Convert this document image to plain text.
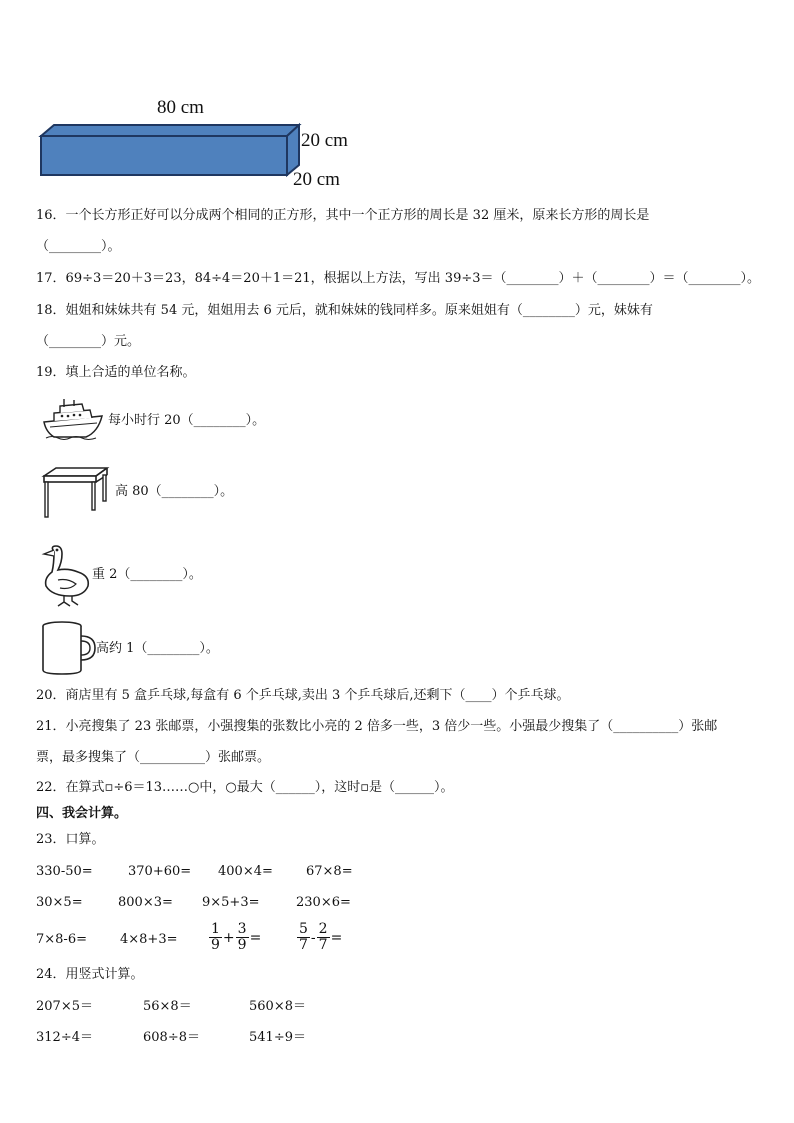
80 cm
20 cm
20 cm
16．一个长方形正好可以分成两个相同的正方形，其中一个正方形的周长是 32 厘米，原来长方形的周长是
（________）。
17．69÷3＝20＋3＝23，84÷4＝20＋1＝21，根据以上方法，写出 39÷3＝（________）＋（________）＝（________）。
18．姐姐和妹妹共有 54 元，姐姐用去 6 元后，就和妹妹的钱同样多。原来姐姐有（________）元，妹妹有
（________）元。
19．填上合适的单位名称。
每小时行 20（________）。
高 80（________）。
重 2（________）。
高约 1（________）。
20．商店里有 5 盒乒乓球,每盒有 6 个乒乓球,卖出 3 个乒乓球后,还剩下（____）个乒乓球。
21．小亮搜集了 23 张邮票，小强搜集的张数比小亮的 2 倍多一些，3 倍少一些。小强最少搜集了（__________）张邮
票，最多搜集了（__________）张邮票。
22．在算式▫÷6＝13……○中，○最大（______），这时▫是（______）。
四、我会计算。
23．口算。
330-50=	370+60= 400×4=	67×8=
30×5=	800×3= 9×5+3=	230×6=
7×8-6=	$4\times 8+3= \frac{1}{9} + \frac{3}{9}$ =	$\frac{5}{7} - \frac{2}{7}$ =
24．用竖式计算。
207×5＝	56×8＝	560×8＝
312÷4＝	608÷8＝	541÷9＝
